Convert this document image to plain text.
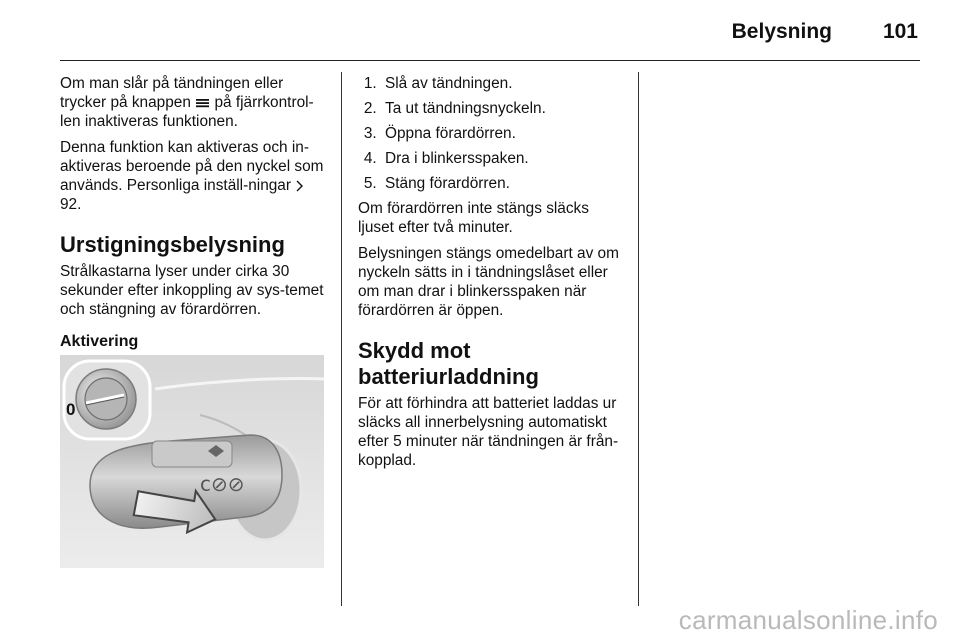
Belysning 101

Om man slår på tändningen eller trycker på knappen  på fjärrkontrol-len inaktiveras funktionen.

Denna funktion kan aktiveras och in-aktiveras beroende på den nyckel som används. Personliga inställ-ningar  92.

Urstigningsbelysning

Strålkastarna lyser under cirka 30 sekunder efter inkoppling av sys-temet och stängning av förardörren.

Aktivering
0
ⅽ⊘⊘
1. Slå av tändningen.
2. Ta ut tändningsnyckeln.
3. Öppna förardörren.
4. Dra i blinkersspaken.
5. Stäng förardörren.

Om förardörren inte stängs släcks ljuset efter två minuter.

Belysningen stängs omedelbart av om nyckeln sätts in i tändningslåset eller om man drar i blinkersspaken när förardörren är öppen.

Skydd mot
batteriurladdning

För att förhindra att batteriet laddas ur släcks all innerbelysning automatiskt efter 5 minuter när tändningen är från-kopplad.

carmanualsonline.info
